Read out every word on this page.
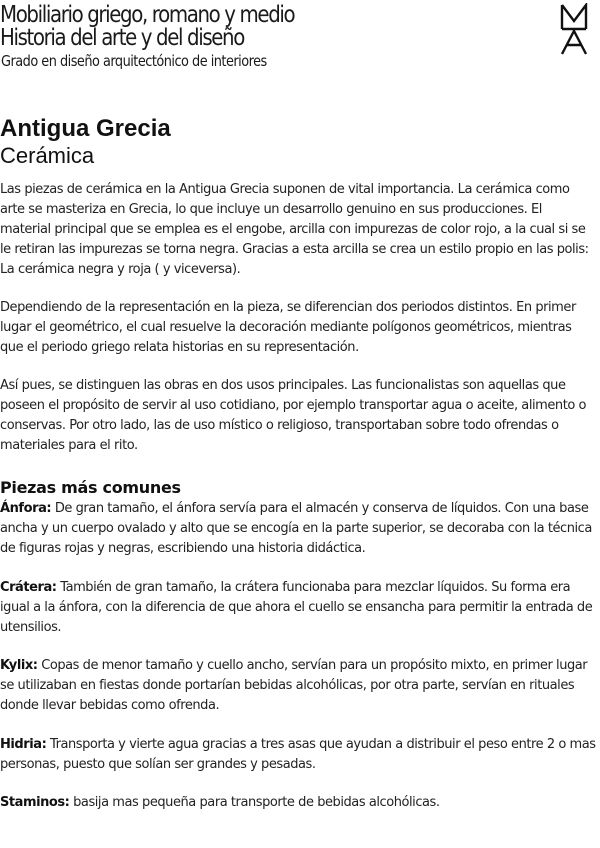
Mobiliario griego, romano y medio
Historia del arte y del diseño
Grado en diseño arquitectónico de interiores
Antigua Grecia
Cerámica

Las piezas de cerámica en la Antigua Grecia suponen de vital importancia. La cerámica como arte se masteriza en Grecia, lo que incluye un desarrollo genuino en sus producciones. El material principal que se emplea es el engobe, arcilla con impurezas de color rojo, a la cual si se le retiran las impurezas se torna negra. Gracias a esta arcilla se crea un estilo propio en las polis: La cerámica negra y roja ( y viceversa).

Dependiendo de la representación en la pieza, se diferencian dos periodos distintos. En primer lugar el geométrico, el cual resuelve la decoración mediante polígonos geométricos, mientras que el periodo griego relata historias en su representación.

Así pues, se distinguen las obras en dos usos principales. Las funcionalistas son aquellas que poseen el propósito de servir al uso cotidiano, por ejemplo transportar agua o aceite, alimento o conservas. Por otro lado, las de uso místico o religioso, transportaban sobre todo ofrendas o materiales para el rito.

Piezas más comunes

Ánfora: De gran tamaño, el ánfora servía para el almacén y conserva de líquidos. Con una base ancha y un cuerpo ovalado y alto que se encogía en la parte superior, se decoraba con la técnica de figuras rojas y negras, escribiendo una historia didáctica.

Crátera: También de gran tamaño, la crátera funcionaba para mezclar líquidos. Su forma era igual a la ánfora, con la diferencia de que ahora el cuello se ensancha para permitir la entrada de utensilios.

Kylix: Copas de menor tamaño y cuello ancho, servían para un propósito mixto, en primer lugar se utilizaban en fiestas donde portarían bebidas alcohólicas, por otra parte, servían en rituales donde llevar bebidas como ofrenda.

Hidria: Transporta y vierte agua gracias a tres asas que ayudan a distribuir el peso entre 2 o mas personas, puesto que solían ser grandes y pesadas.

Staminos: basija mas pequeña para transporte de bebidas alcohólicas.
